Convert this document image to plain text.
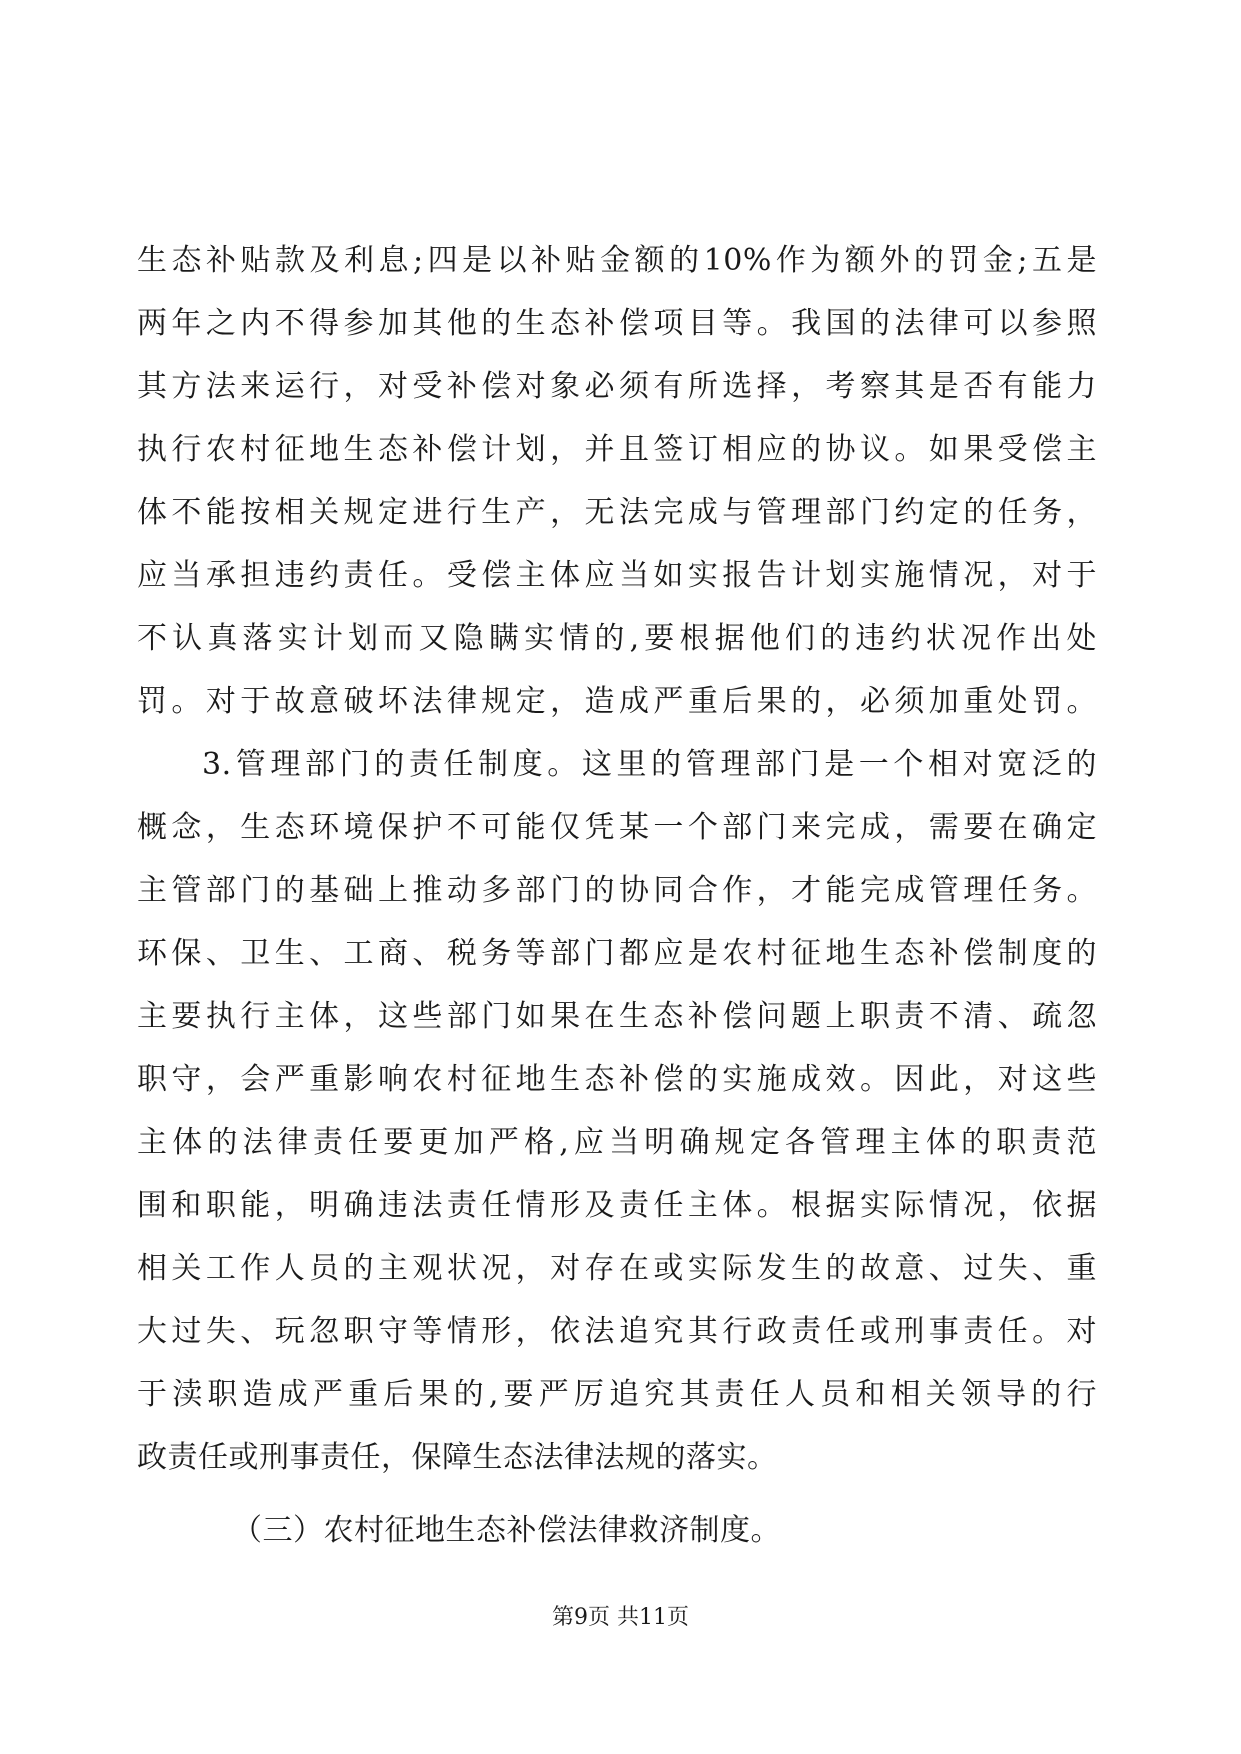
生态补贴款及利息;四是以补贴金额的10%作为额外的罚金;五是
两年之内不得参加其他的生态补偿项目等。我国的法律可以参照
其方法来运行，对受补偿对象必须有所选择，考察其是否有能力
执行农村征地生态补偿计划，并且签订相应的协议。如果受偿主
体不能按相关规定进行生产，无法完成与管理部门约定的任务，
应当承担违约责任。受偿主体应当如实报告计划实施情况，对于
不认真落实计划而又隐瞒实情的,要根据他们的违约状况作出处
罚。对于故意破坏法律规定，造成严重后果的，必须加重处罚。
3.管理部门的责任制度。这里的管理部门是一个相对宽泛的
概念，生态环境保护不可能仅凭某一个部门来完成，需要在确定
主管部门的基础上推动多部门的协同合作，才能完成管理任务。
环保、卫生、工商、税务等部门都应是农村征地生态补偿制度的
主要执行主体，这些部门如果在生态补偿问题上职责不清、疏忽
职守，会严重影响农村征地生态补偿的实施成效。因此，对这些
主体的法律责任要更加严格,应当明确规定各管理主体的职责范
围和职能，明确违法责任情形及责任主体。根据实际情况，依据
相关工作人员的主观状况，对存在或实际发生的故意、过失、重
大过失、玩忽职守等情形，依法追究其行政责任或刑事责任。对
于渎职造成严重后果的,要严厉追究其责任人员和相关领导的行
政责任或刑事责任，保障生态法律法规的落实。
（三）农村征地生态补偿法律救济制度。
第9页 共11页
